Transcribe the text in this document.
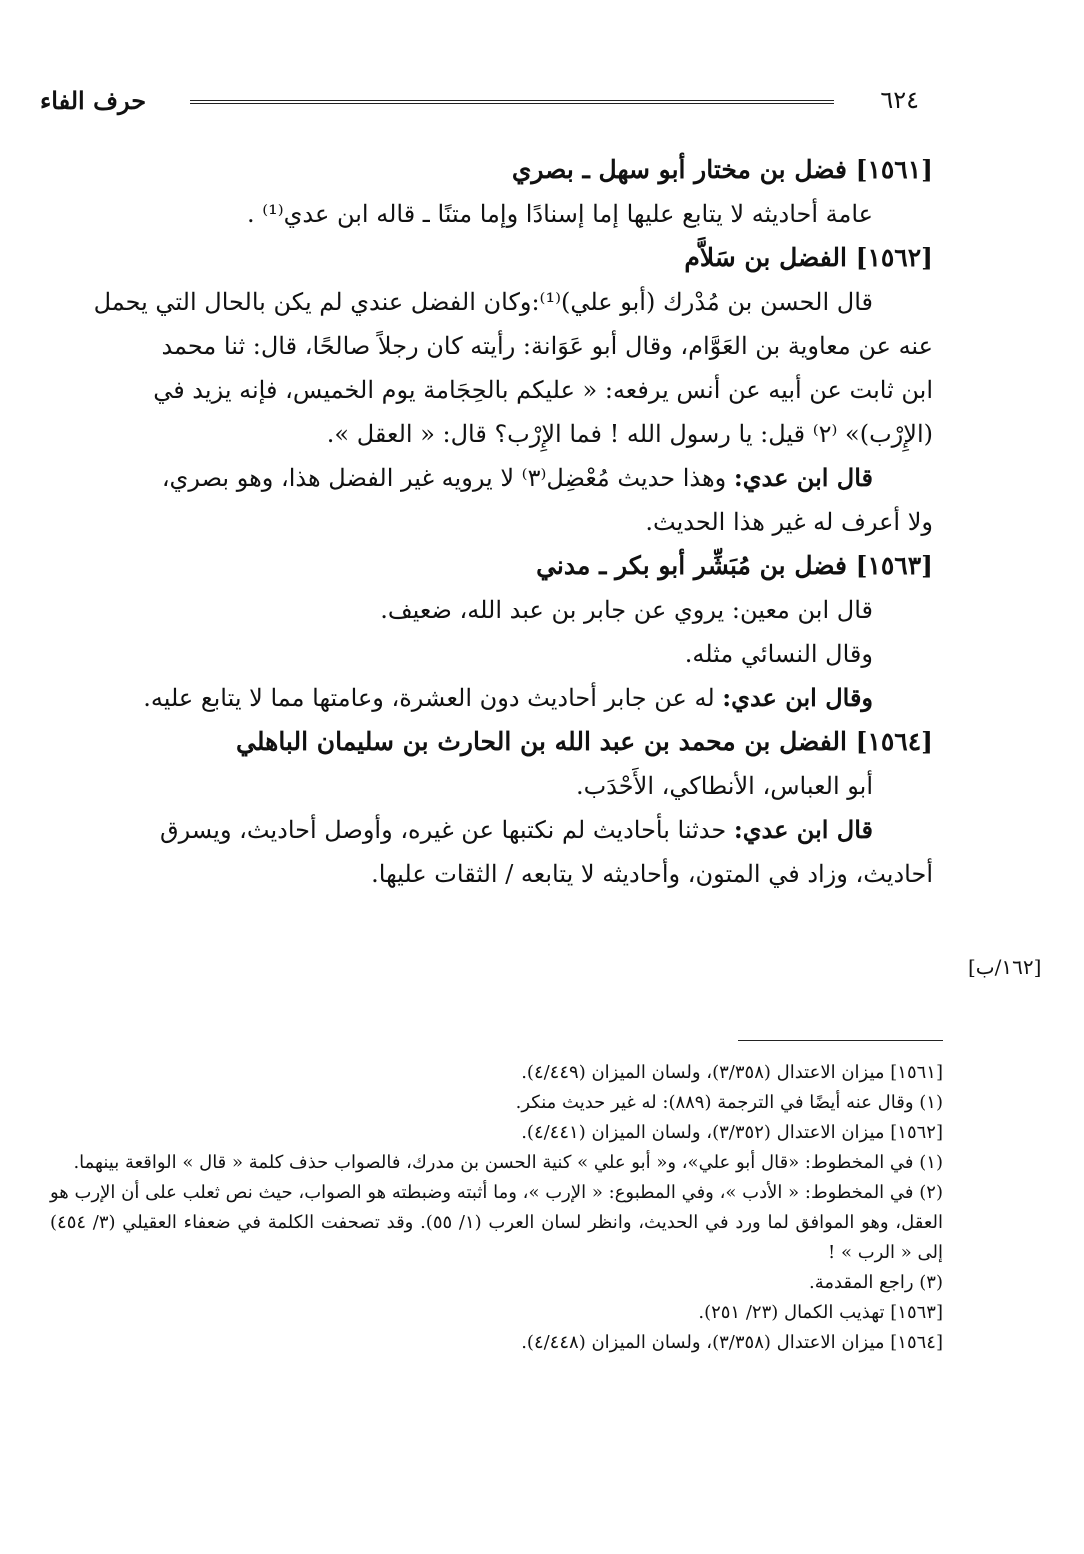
٦٢٤
حرف الفاء
[١٥٦١] فضل بن مختار أبو سهل ـ بصري
عامة أحاديثه لا يتابع عليها إما إسنادًا وإما متنًا ـ قاله ابن عدي⁽¹⁾ .
[١٥٦٢] الفضل بن سَلاَّم
قال الحسن بن مُدْرك (أبو علي)⁽¹⁾:وكان الفضل عندي لم يكن بالحال التي يحمل
عنه عن معاوية بن العَوَّام، وقال أبو عَوَانة: رأيته كان رجلاً صالحًا، قال: ثنا محمد
ابن ثابت عن أبيه عن أنس يرفعه: « عليكم بالحِجَامة يوم الخميس، فإنه يزيد في
(الإِرْب)» ⁽٢⁾ قيل: يا رسول الله ! فما الإِرْب؟ قال: « العقل ».
قال ابن عدي: وهذا حديث مُعْضِل⁽٣⁾ لا يرويه غير الفضل هذا، وهو بصري،
ولا أعرف له غير هذا الحديث.
[١٥٦٣] فضل بن مُبَشِّر أبو بكر ـ مدني
قال ابن معين: يروي عن جابر بن عبد الله، ضعيف.
وقال النسائي مثله.
وقال ابن عدي: له عن جابر أحاديث دون العشرة، وعامتها مما لا يتابع عليه.
[١٥٦٤] الفضل بن محمد بن عبد الله بن الحارث بن سليمان الباهلي
أبو العباس، الأنطاكي، الأَحْدَب.
قال ابن عدي: حدثنا بأحاديث لم نكتبها عن غيره، وأوصل أحاديث، ويسرق
أحاديث، وزاد في المتون، وأحاديثه لا يتابعه / الثقات عليها.
[١٦٢/ب]
[١٥٦١] ميزان الاعتدال (٣/٣٥٨)، ولسان الميزان (٤/٤٤٩).
(١) وقال عنه أيضًا في الترجمة (٨٨٩): له غير حديث منكر.
[١٥٦٢] ميزان الاعتدال (٣/٣٥٢)، ولسان الميزان (٤/٤٤١).
(١) في المخطوط: «قال أبو علي»، و« أبو علي » كنية الحسن بن مدرك، فالصواب حذف كلمة « قال » الواقعة بينهما.
(٢) في المخطوط: « الأدب »، وفي المطبوع: « الإرب »، وما أثبته وضبطته هو الصواب، حيث نص ثعلب على أن الإرب هو العقل، وهو الموافق لما ورد في الحديث، وانظر لسان العرب (١/ ٥٥). وقد تصحفت الكلمة في ضعفاء العقيلي (٣/ ٤٥٤) إلى « الرب » !
(٣) راجع المقدمة.
[١٥٦٣] تهذيب الكمال (٢٣/ ٢٥١).
[١٥٦٤] ميزان الاعتدال (٣/٣٥٨)، ولسان الميزان (٤/٤٤٨).
